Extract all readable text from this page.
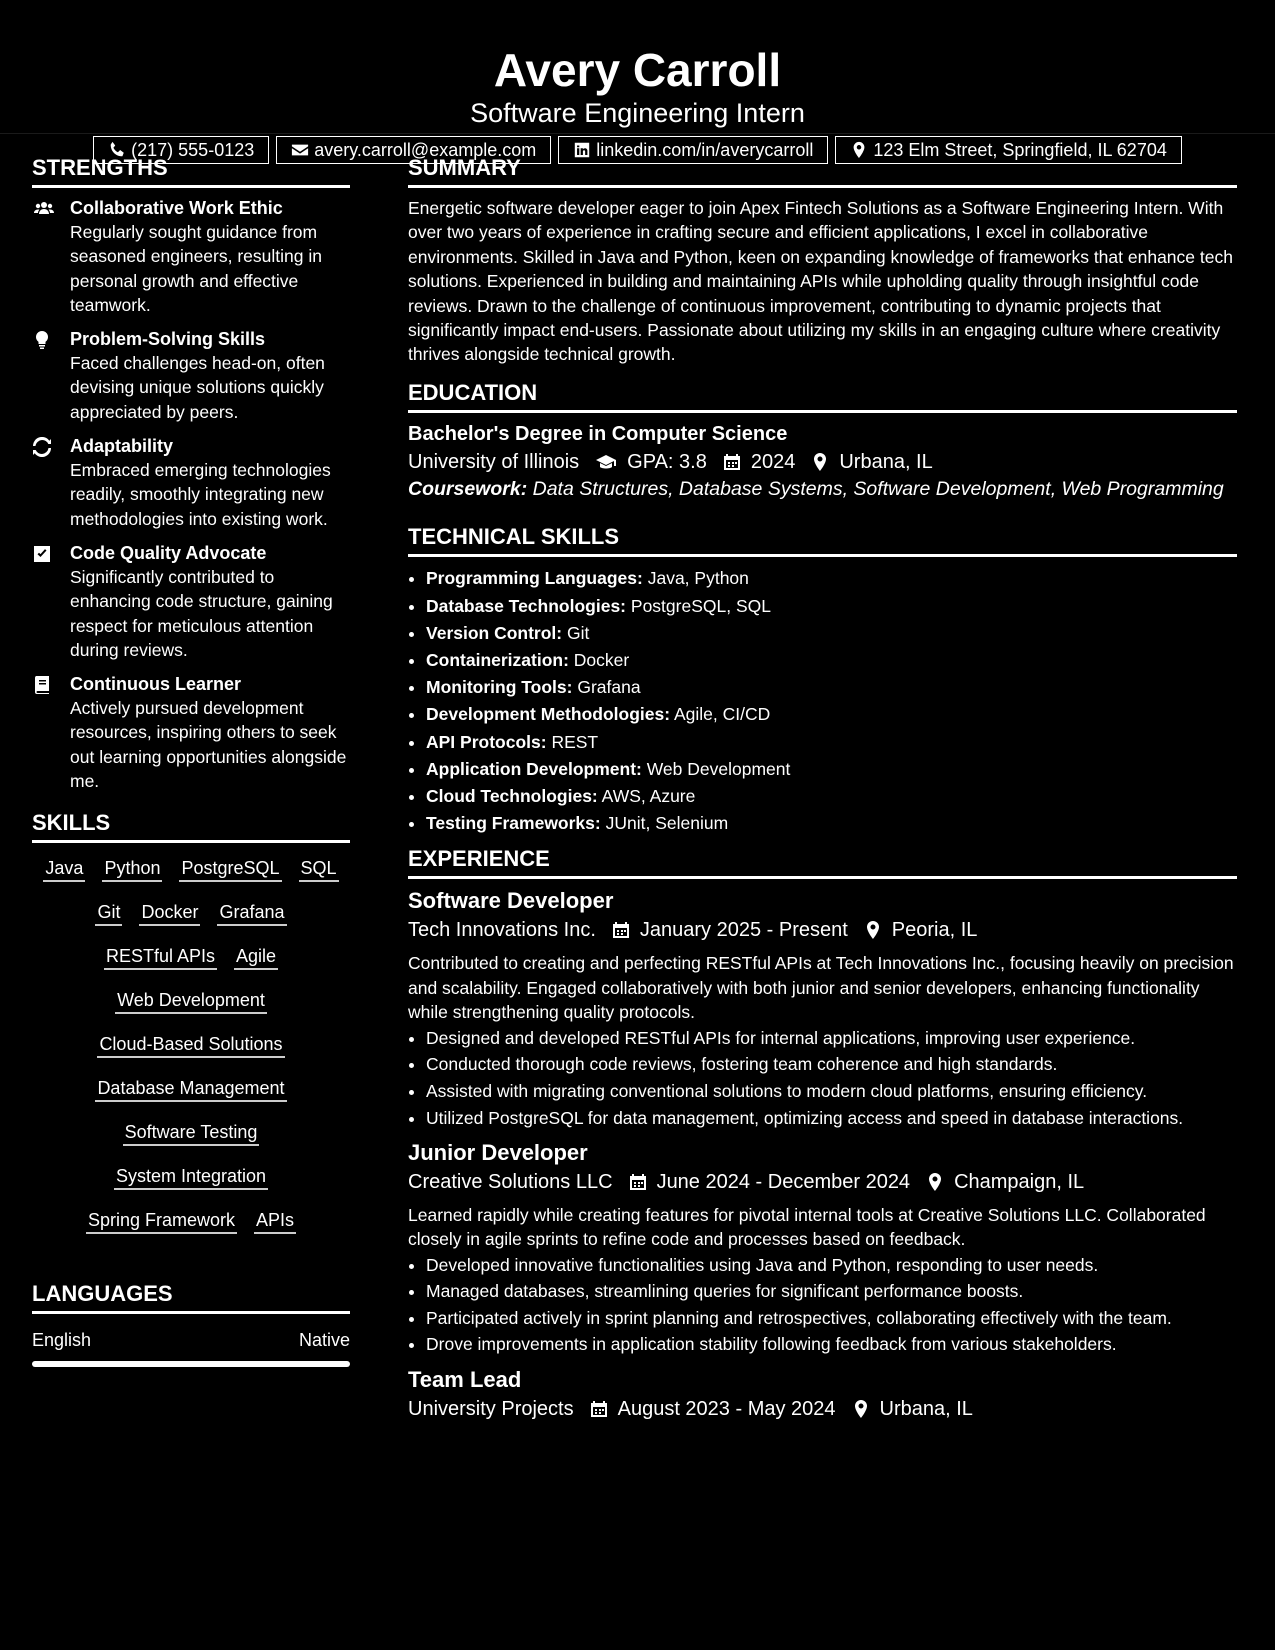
Avery Carroll
Software Engineering Intern
(217) 555-0123	avery.carroll@example.com	linkedin.com/in/averycarroll	123 Elm Street, Springfield, IL 62704
STRENGTHS
Collaborative Work Ethic
Regularly sought guidance from seasoned engineers, resulting in personal growth and effective teamwork.
Problem-Solving Skills
Faced challenges head-on, often devising unique solutions quickly appreciated by peers.
Adaptability
Embraced emerging technologies readily, smoothly integrating new methodologies into existing work.
Code Quality Advocate
Significantly contributed to enhancing code structure, gaining respect for meticulous attention during reviews.
Continuous Learner
Actively pursued development resources, inspiring others to seek out learning opportunities alongside me.
SKILLS
Java Python PostgreSQL SQL
Git Docker Grafana
RESTful APIs Agile
Web Development
Cloud-Based Solutions
Database Management
Software Testing
System Integration
Spring Framework APIs
LANGUAGES
English	Native
SUMMARY
Energetic software developer eager to join Apex Fintech Solutions as a Software Engineering Intern. With over two years of experience in crafting secure and efficient applications, I excel in collaborative environments. Skilled in Java and Python, keen on expanding knowledge of frameworks that enhance tech solutions. Experienced in building and maintaining APIs while upholding quality through insightful code reviews. Drawn to the challenge of continuous improvement, contributing to dynamic projects that significantly impact end-users. Passionate about utilizing my skills in an engaging culture where creativity thrives alongside technical growth.
EDUCATION
Bachelor's Degree in Computer Science
University of Illinois GPA: 3.8 2024 Urbana, IL
Coursework: Data Structures, Database Systems, Software Development, Web Programming
TECHNICAL SKILLS
• Programming Languages: Java, Python
• Database Technologies: PostgreSQL, SQL
• Version Control: Git
• Containerization: Docker
• Monitoring Tools: Grafana
• Development Methodologies: Agile, CI/CD
• API Protocols: REST
• Application Development: Web Development
• Cloud Technologies: AWS, Azure
• Testing Frameworks: JUnit, Selenium
EXPERIENCE
Software Developer
Tech Innovations Inc. January 2025 - Present Peoria, IL
Contributed to creating and perfecting RESTful APIs at Tech Innovations Inc., focusing heavily on precision and scalability. Engaged collaboratively with both junior and senior developers, enhancing functionality while strengthening quality protocols.
• Designed and developed RESTful APIs for internal applications, improving user experience.
• Conducted thorough code reviews, fostering team coherence and high standards.
• Assisted with migrating conventional solutions to modern cloud platforms, ensuring efficiency.
• Utilized PostgreSQL for data management, optimizing access and speed in database interactions.
Junior Developer
Creative Solutions LLC June 2024 - December 2024 Champaign, IL
Learned rapidly while creating features for pivotal internal tools at Creative Solutions LLC. Collaborated closely in agile sprints to refine code and processes based on feedback.
• Developed innovative functionalities using Java and Python, responding to user needs.
• Managed databases, streamlining queries for significant performance boosts.
• Participated actively in sprint planning and retrospectives, collaborating effectively with the team.
• Drove improvements in application stability following feedback from various stakeholders.
Team Lead
University Projects August 2023 - May 2024 Urbana, IL
